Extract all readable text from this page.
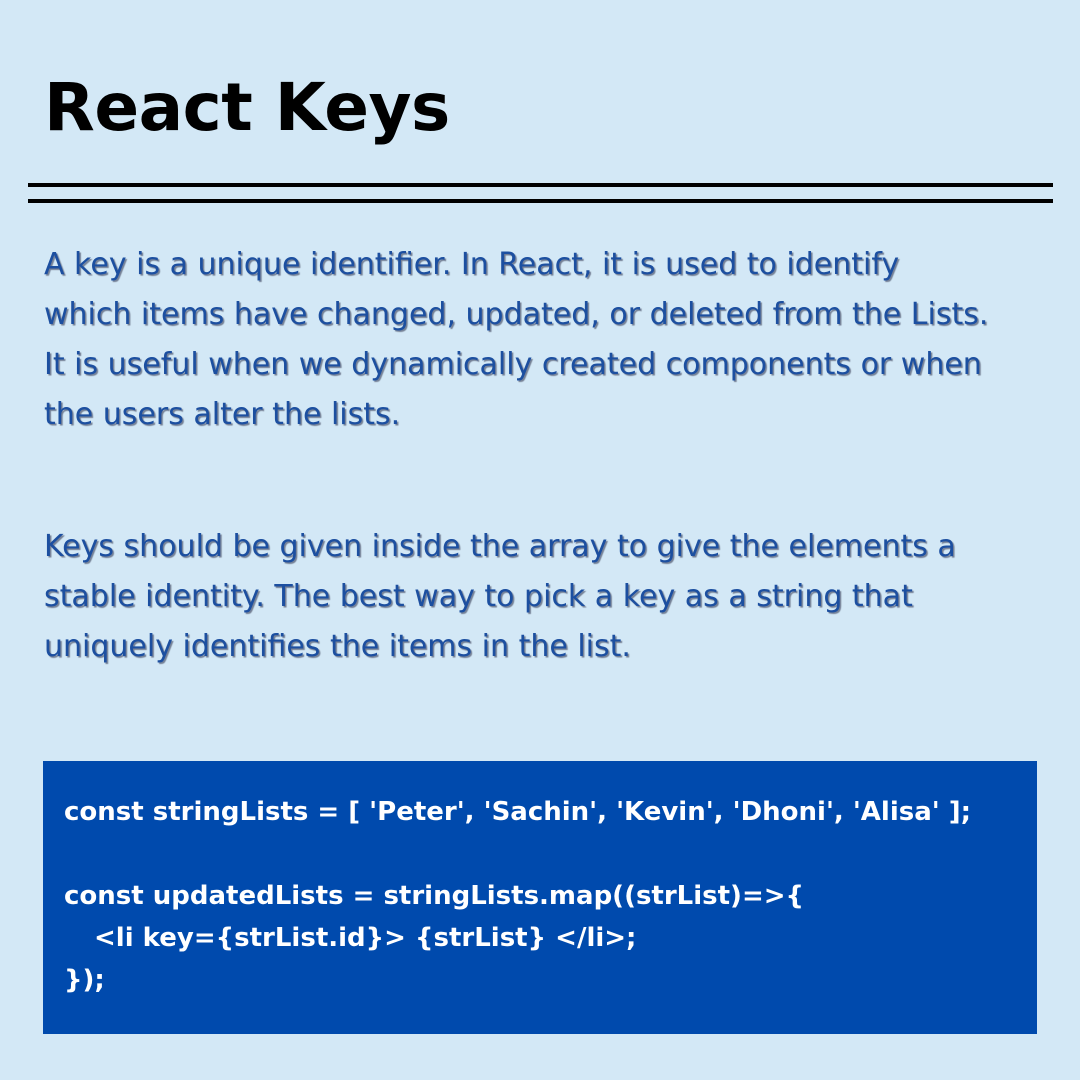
React Keys

A key is a unique identifier. In React, it is used to identify which items have changed, updated, or deleted from the Lists. It is useful when we dynamically created components or when the users alter the lists.

Keys should be given inside the array to give the elements a stable identity. The best way to pick a key as a string that uniquely identifies the items in the list.

const stringLists = [ 'Peter', 'Sachin', 'Kevin', 'Dhoni', 'Alisa' ];
const updatedLists = stringLists.map((strList)=>{
<li key={strList.id}> {strList} </li>;
});
